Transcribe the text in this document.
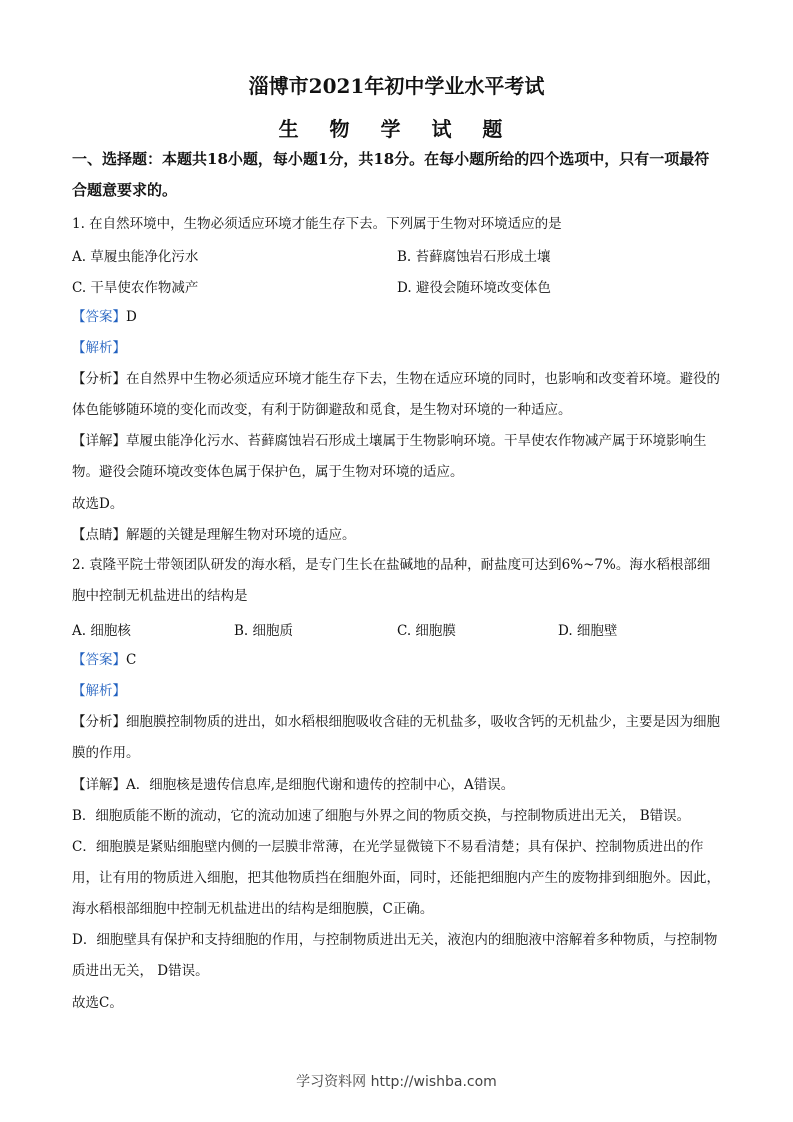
淄博市2021年初中学业水平考试
生 物 学 试 题
一、选择题：本题共18小题，每小题1分，共18分。在每小题所给的四个选项中，只有一项最符合题意要求的。
1. 在自然环境中，生物必须适应环境才能生存下去。下列属于生物对环境适应的是
A. 草履虫能净化污水	B. 苔藓腐蚀岩石形成土壤
C. 干旱使农作物减产	D. 避役会随环境改变体色
【答案】D
【解析】
【分析】在自然界中生物必须适应环境才能生存下去，生物在适应环境的同时，也影响和改变着环境。避役的体色能够随环境的变化而改变，有利于防御避敌和觅食，是生物对环境的一种适应。
【详解】草履虫能净化污水、苔藓腐蚀岩石形成土壤属于生物影响环境。干旱使农作物减产属于环境影响生物。避役会随环境改变体色属于保护色，属于生物对环境的适应。
故选D。
【点睛】解题的关键是理解生物对环境的适应。
2. 袁隆平院士带领团队研发的海水稻，是专门生长在盐碱地的品种，耐盐度可达到6%~7%。海水稻根部细胞中控制无机盐进出的结构是
A. 细胞核	B. 细胞质	C. 细胞膜	D. 细胞壁
【答案】C
【解析】
【分析】细胞膜控制物质的进出，如水稻根细胞吸收含硅的无机盐多，吸收含钙的无机盐少，主要是因为细胞膜的作用。
【详解】A．细胞核是遗传信息库,是细胞代谢和遗传的控制中心，A错误。
B．细胞质能不断的流动，它的流动加速了细胞与外界之间的物质交换，与控制物质进出无关， B错误。
C．细胞膜是紧贴细胞壁内侧的一层膜非常薄，在光学显微镜下不易看清楚；具有保护、控制物质进出的作用，让有用的物质进入细胞，把其他物质挡在细胞外面，同时，还能把细胞内产生的废物排到细胞外。因此，海水稻根部细胞中控制无机盐进出的结构是细胞膜，C正确。
D．细胞壁具有保护和支持细胞的作用，与控制物质进出无关，液泡内的细胞液中溶解着多种物质，与控制物质进出无关， D错误。
故选C。
学习资料网 http://wishba.com
